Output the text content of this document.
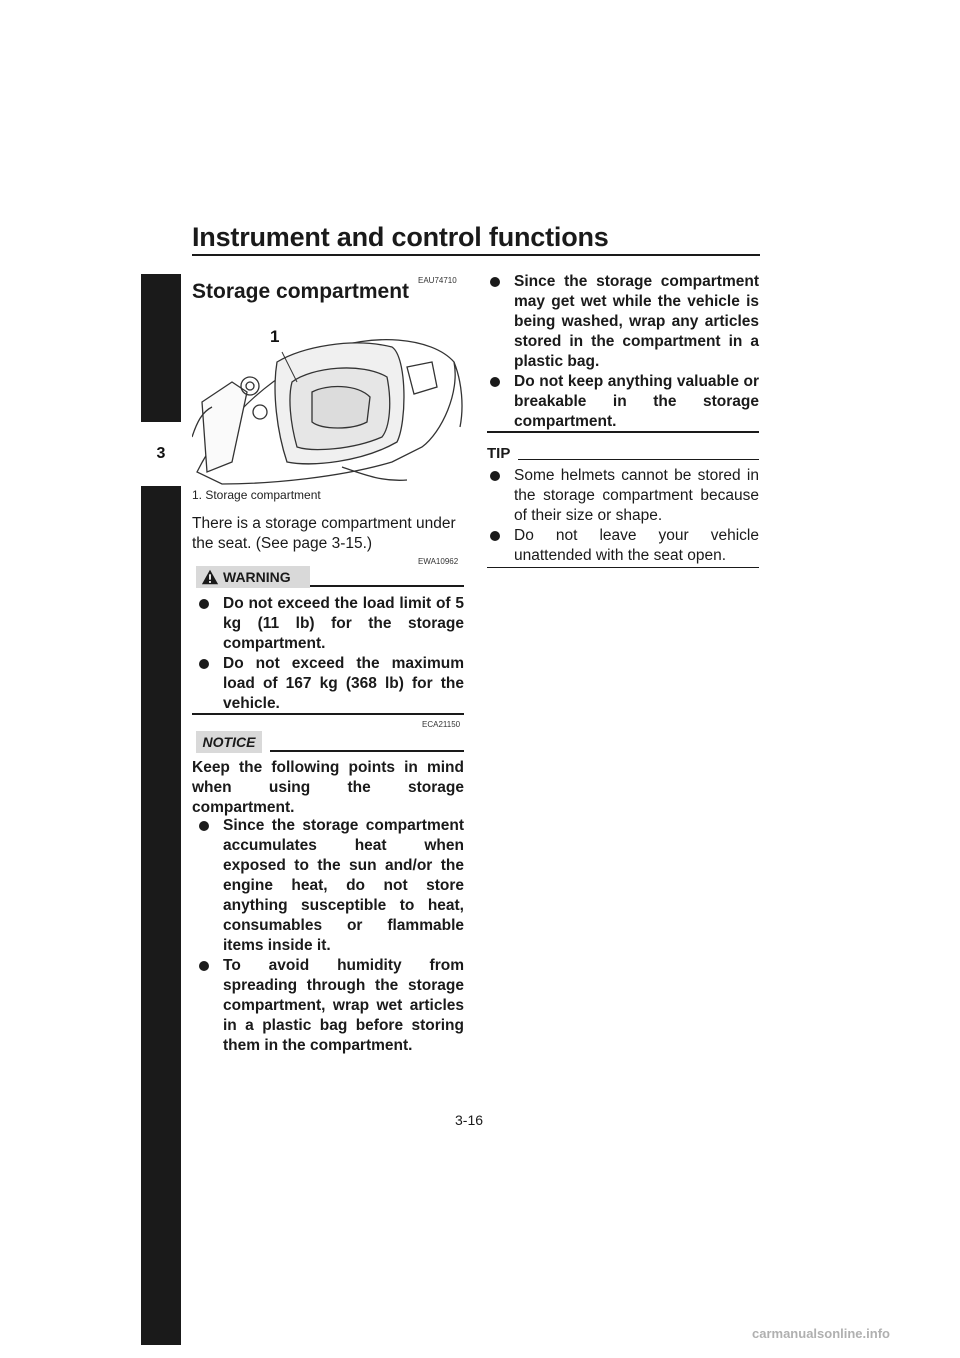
Instrument and control functions
3
EAU74710
Storage compartment
1
1. Storage compartment
There is a storage compartment under the seat. (See page 3-15.)
EWA10962
WARNING
Do not exceed the load limit of 5 kg (11 lb) for the storage compartment.
Do not exceed the maximum load of 167 kg (368 lb) for the vehicle.
ECA21150
NOTICE
Keep the following points in mind when using the storage compartment.
Since the storage compartment accumulates heat when exposed to the sun and/or the engine heat, do not store anything susceptible to heat, consumables or flammable items inside it.
To avoid humidity from spreading through the storage compartment, wrap wet articles in a plastic bag before storing them in the compartment.
Since the storage compartment may get wet while the vehicle is being washed, wrap any articles stored in the compartment in a plastic bag.
Do not keep anything valuable or breakable in the storage compartment.
TIP
Some helmets cannot be stored in the storage compartment because of their size or shape.
Do not leave your vehicle unattended with the seat open.
3-16
carmanualsonline.info
